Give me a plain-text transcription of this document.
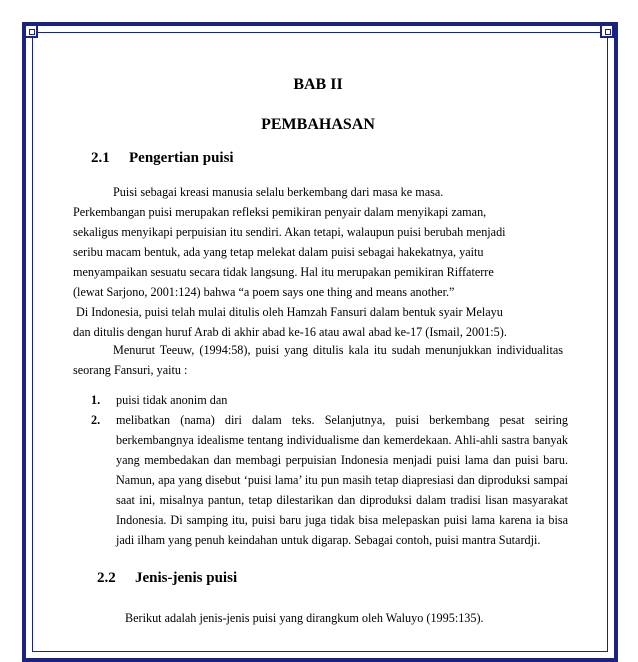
BAB II
PEMBAHASAN
2.1 Pengertian puisi

Puisi sebagai kreasi manusia selalu berkembang dari masa ke masa.
Perkembangan puisi merupakan refleksi pemikiran penyair dalam menyikapi zaman,
sekaligus menyikapi perpuisian itu sendiri. Akan tetapi, walaupun puisi berubah menjadi
seribu macam bentuk, ada yang tetap melekat dalam puisi sebagai hakekatnya, yaitu
menyampaikan sesuatu secara tidak langsung. Hal itu merupakan pemikiran Riffaterre
(lewat Sarjono, 2001:124) bahwa “a poem says one thing and means another.”
Di Indonesia, puisi telah mulai ditulis oleh Hamzah Fansuri dalam bentuk syair Melayu
dan ditulis dengan huruf Arab di akhir abad ke-16 atau awal abad ke-17 (Ismail, 2001:5).

Menurut Teeuw, (1994:58), puisi yang ditulis kala itu sudah menunjukkan individualitas seorang Fansuri, yaitu :

1. puisi tidak anonim dan
2. melibatkan (nama) diri dalam teks. Selanjutnya, puisi berkembang pesat seiring berkembangnya idealisme tentang individualisme dan kemerdekaan. Ahli-ahli sastra banyak yang membedakan dan membagi perpuisian Indonesia menjadi puisi lama dan puisi baru. Namun, apa yang disebut ‘puisi lama’ itu pun masih tetap diapresiasi dan diproduksi sampai saat ini, misalnya pantun, tetap dilestarikan dan diproduksi dalam tradisi lisan masyarakat Indonesia. Di samping itu, puisi baru juga tidak bisa melepaskan puisi lama karena ia bisa jadi ilham yang penuh keindahan untuk digarap. Sebagai contoh, puisi mantra Sutardji.
2.2 Jenis-jenis puisi

Berikut adalah jenis-jenis puisi yang dirangkum oleh Waluyo (1995:135).
